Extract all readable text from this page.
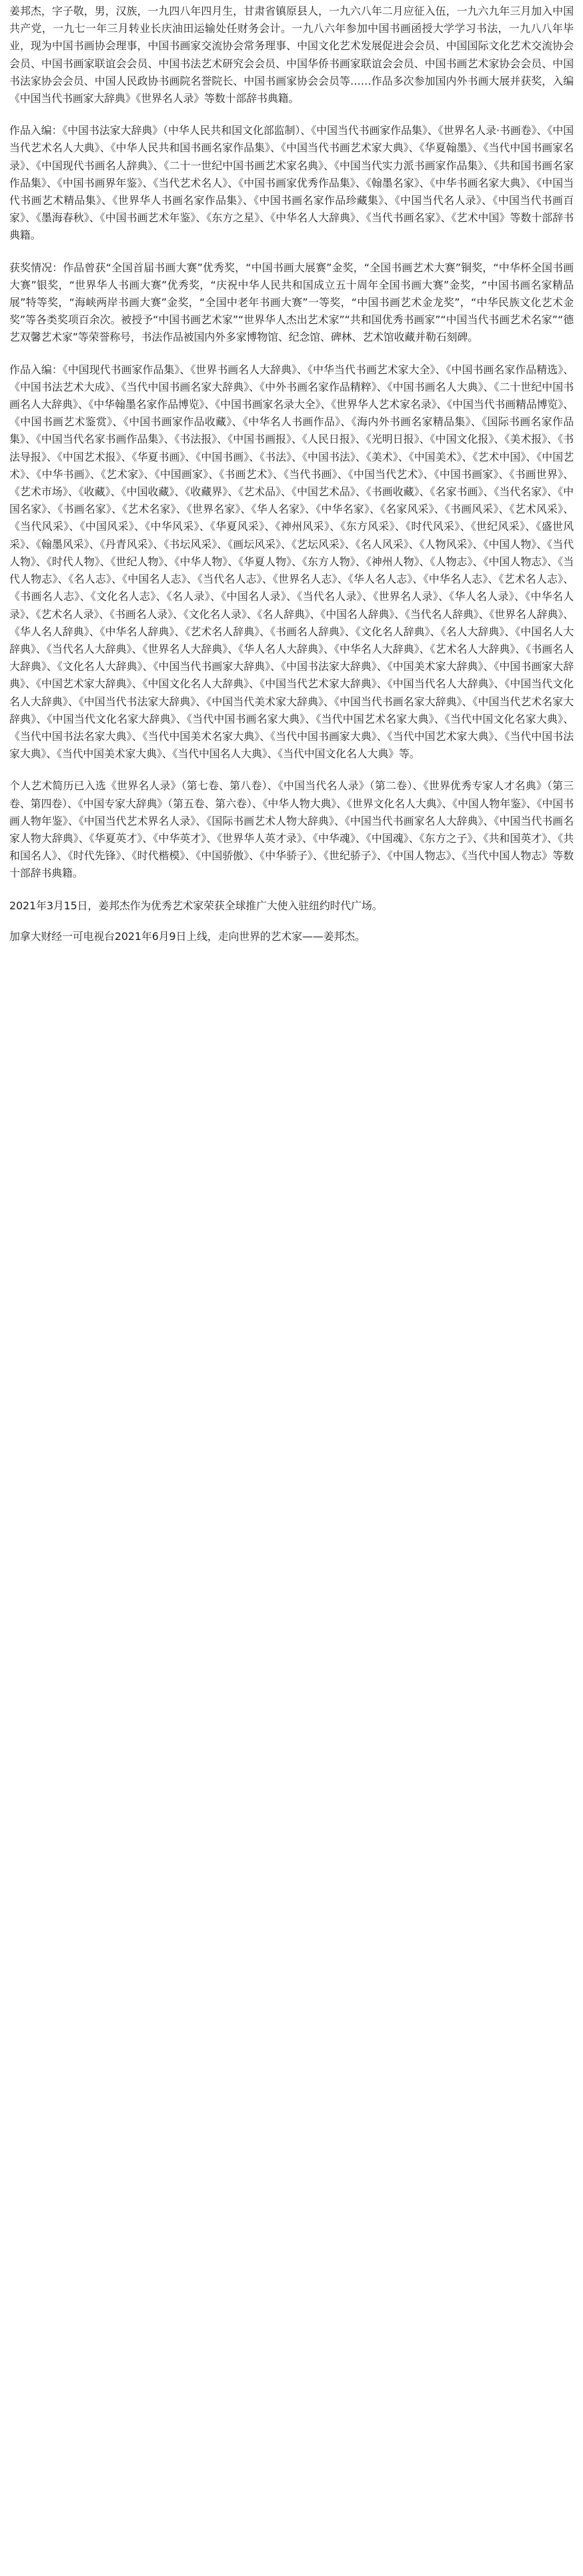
姜邦杰，字子敬，男，汉族，一九四八年四月生，甘肃省镇原县人，一九六八年二月应征入伍，一九六九年三月加入中国共产党，一九七一年三月转业长庆油田运输处任财务会计。一九八六年参加中国书画函授大学学习书法，一九八八年毕业，现为中国书画协会理事，中国书画家交流协会常务理事、中国文化艺术发展促进会会员、中国国际文化艺术交流协会会员、中国书画家联谊会会员、中国书法艺术研究会会员、中国华侨书画家联谊会会员、中国书画艺术家协会会员、中国书法家协会会员、中国人民政协书画院名誉院长、中国书画家协会会员等……作品多次参加国内外书画大展并获奖，入编《中国当代书画家大辞典》《世界名人录》等数十部辞书典籍。

作品入编：《中国书法家大辞典》（中华人民共和国文化部监制）、《中国当代书画家作品集》、《世界名人录·书画卷》、《中国当代艺术名人大典》、《中华人民共和国书画名家作品集》、《中国当代书画艺术家大典》、《华夏翰墨》、《当代中国书画家名录》、《中国现代书画名人辞典》、《二十一世纪中国书画艺术家名典》、《中国当代实力派书画家作品集》、《共和国书画名家作品集》、《中国书画界年鉴》、《当代艺术名人》、《中国书画家优秀作品集》、《翰墨名家》、《中华书画名家大典》、《中国当代书画艺术精品集》、《世界华人书画名家作品集》、《中国书画名家作品珍藏集》、《中国当代名人录》、《中国当代书画百家》、《墨海春秋》、《中国书画艺术年鉴》、《东方之星》、《中华名人大辞典》、《当代书画名家》、《艺术中国》等数十部辞书典籍。

获奖情况：作品曾获“全国首届书画大赛”优秀奖，“中国书画大展赛”金奖，“全国书画艺术大赛”铜奖，“中华杯全国书画大赛”银奖，“世界华人书画大赛”优秀奖，“庆祝中华人民共和国成立五十周年全国书画大赛”金奖，“中国书画名家精品展”特等奖，“海峡两岸书画大赛”金奖，“全国中老年书画大赛”一等奖，“中国书画艺术金龙奖”，“中华民族文化艺术金奖”等各类奖项百余次。被授予“中国书画艺术家”“世界华人杰出艺术家”“共和国优秀书画家”“中国当代书画艺术名家”“德艺双馨艺术家”等荣誉称号，书法作品被国内外多家博物馆、纪念馆、碑林、艺术馆收藏并勒石刻碑。

作品入编：《中国现代书画家作品集》、《世界书画名人大辞典》、《中华当代书画艺术家大全》、《中国书画名家作品精选》、《中国书法艺术大成》、《当代中国书画名家大辞典》、《中外书画名家作品精粹》、《中国书画名人大典》、《二十世纪中国书画名人大辞典》、《中华翰墨名家作品博览》、《中国书画家名录大全》、《世界华人艺术家名录》、《中国当代书画精品博览》、《中国书画艺术鉴赏》、《中国书画家作品收藏》、《中华名人书画作品》、《海内外书画名家精品集》、《国际书画名家作品集》、《中国当代名家书画作品集》、《书法报》、《中国书画报》、《人民日报》、《光明日报》、《中国文化报》、《美术报》、《书法导报》、《中国艺术报》、《华夏书画》、《中国书画》、《书法》、《中国书法》、《美术》、《中国美术》、《艺术中国》、《中国艺术》、《中华书画》、《艺术家》、《中国画家》、《书画艺术》、《当代书画》、《中国当代艺术》、《中国书画家》、《书画世界》、《艺术市场》、《收藏》、《中国收藏》、《收藏界》、《艺术品》、《中国艺术品》、《书画收藏》、《名家书画》、《当代名家》、《中国名家》、《书画名家》、《艺术名家》、《世界名家》、《华人名家》、《中华名家》、《名家风采》、《书画风采》、《艺术风采》、《当代风采》、《中国风采》、《中华风采》、《华夏风采》、《神州风采》、《东方风采》、《时代风采》、《世纪风采》、《盛世风采》、《翰墨风采》、《丹青风采》、《书坛风采》、《画坛风采》、《艺坛风采》、《名人风采》、《人物风采》、《中国人物》、《当代人物》、《时代人物》、《世纪人物》、《中华人物》、《华夏人物》、《东方人物》、《神州人物》、《人物志》、《中国人物志》、《当代人物志》、《名人志》、《中国名人志》、《当代名人志》、《世界名人志》、《华人名人志》、《中华名人志》、《艺术名人志》、《书画名人志》、《文化名人志》、《名人录》、《中国名人录》、《当代名人录》、《世界名人录》、《华人名人录》、《中华名人录》、《艺术名人录》、《书画名人录》、《文化名人录》、《名人辞典》、《中国名人辞典》、《当代名人辞典》、《世界名人辞典》、《华人名人辞典》、《中华名人辞典》、《艺术名人辞典》、《书画名人辞典》、《文化名人辞典》、《名人大辞典》、《中国名人大辞典》、《当代名人大辞典》、《世界名人大辞典》、《华人名人大辞典》、《中华名人大辞典》、《艺术名人大辞典》、《书画名人大辞典》、《文化名人大辞典》、《中国当代书画家大辞典》、《中国书法家大辞典》、《中国美术家大辞典》、《中国书画家大辞典》、《中国艺术家大辞典》、《中国文化名人大辞典》、《中国当代艺术家大辞典》、《中国当代名人大辞典》、《中国当代文化名人大辞典》、《中国当代书法家大辞典》、《中国当代美术家大辞典》、《中国当代书画名家大辞典》、《中国当代艺术名家大辞典》、《中国当代文化名家大辞典》、《当代中国书画名家大典》、《当代中国艺术名家大典》、《当代中国文化名家大典》、《当代中国书法名家大典》、《当代中国美术名家大典》、《当代中国书画家大典》、《当代中国艺术家大典》、《当代中国书法家大典》、《当代中国美术家大典》、《当代中国名人大典》、《当代中国文化名人大典》等。

个人艺术简历已入选《世界名人录》（第七卷、第八卷）、《中国当代名人录》（第二卷）、《世界优秀专家人才名典》（第三卷、第四卷）、《中国专家大辞典》（第五卷、第六卷）、《中华人物大典》、《世界文化名人大典》、《中国人物年鉴》、《中国书画人物年鉴》、《中国当代艺术界名人录》、《国际书画艺术人物大辞典》、《中国当代书画家名人大辞典》、《中国当代书画名家人物大辞典》、《华夏英才》、《中华英才》、《世界华人英才录》、《中华魂》、《中国魂》、《东方之子》、《共和国英才》、《共和国名人》、《时代先锋》、《时代楷模》、《中国骄傲》、《中华骄子》、《世纪骄子》、《中国人物志》、《当代中国人物志》等数十部辞书典籍。

2021年3月15日，姜邦杰作为优秀艺术家荣获全球推广大使入驻纽约时代广场。

加拿大财经一可电视台2021年6月9日上线，走向世界的艺术家——姜邦杰。
